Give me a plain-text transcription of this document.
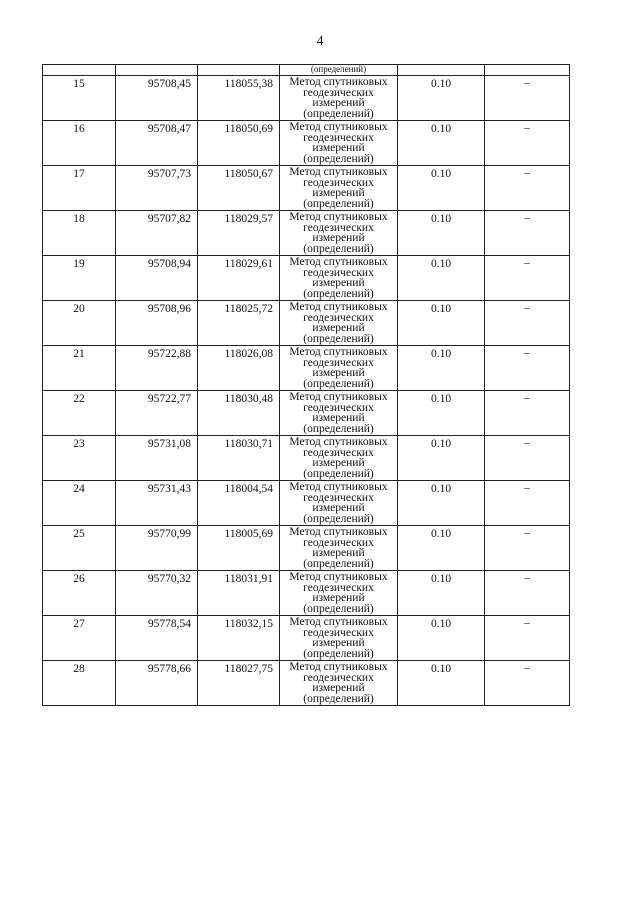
4
			(определений)		
15	95708,45	118055,38	Метод спутниковых
геодезических
измерений
(определений)	0.10	–
16	95708,47	118050,69	Метод спутниковых
геодезических
измерений
(определений)	0.10	–
17	95707,73	118050,67	Метод спутниковых
геодезических
измерений
(определений)	0.10	–
18	95707,82	118029,57	Метод спутниковых
геодезических
измерений
(определений)	0.10	–
19	95708,94	118029,61	Метод спутниковых
геодезических
измерений
(определений)	0.10	–
20	95708,96	118025,72	Метод спутниковых
геодезических
измерений
(определений)	0.10	–
21	95722,88	118026,08	Метод спутниковых
геодезических
измерений
(определений)	0.10	–
22	95722,77	118030,48	Метод спутниковых
геодезических
измерений
(определений)	0.10	–
23	95731,08	118030,71	Метод спутниковых
геодезических
измерений
(определений)	0.10	–
24	95731,43	118004,54	Метод спутниковых
геодезических
измерений
(определений)	0.10	–
25	95770,99	118005,69	Метод спутниковых
геодезических
измерений
(определений)	0.10	–
26	95770,32	118031,91	Метод спутниковых
геодезических
измерений
(определений)	0.10	–
27	95778,54	118032,15	Метод спутниковых
геодезических
измерений
(определений)	0.10	–
28	95778,66	118027,75	Метод спутниковых
геодезических
измерений
(определений)	0.10	–
